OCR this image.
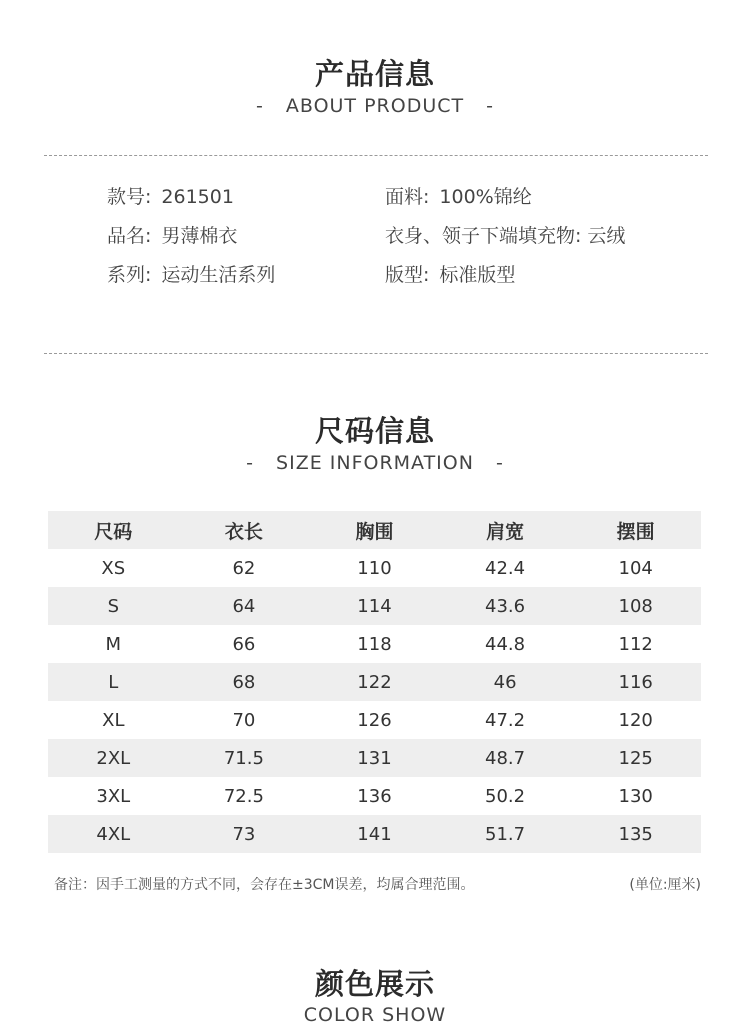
产品信息
- ABOUT PRODUCT -
款号: 261501
品名: 男薄棉衣
系列: 运动生活系列
面料: 100%锦纶
衣身、领子下端填充物: 云绒
版型: 标准版型
尺码信息
- SIZE INFORMATION -
尺码	衣长	胸围	肩宽	摆围
XS	62	110	42.4	104
S	64	114	43.6	108
M	66	118	44.8	112
L	68	122	46	116
XL	70	126	47.2	120
2XL	71.5	131	48.7	125
3XL	72.5	136	50.2	130
4XL	73	141	51.7	135
备注：因手工测量的方式不同，会存在±3CM误差，均属合理范围。	(单位:厘米)
颜色展示
COLOR SHOW
